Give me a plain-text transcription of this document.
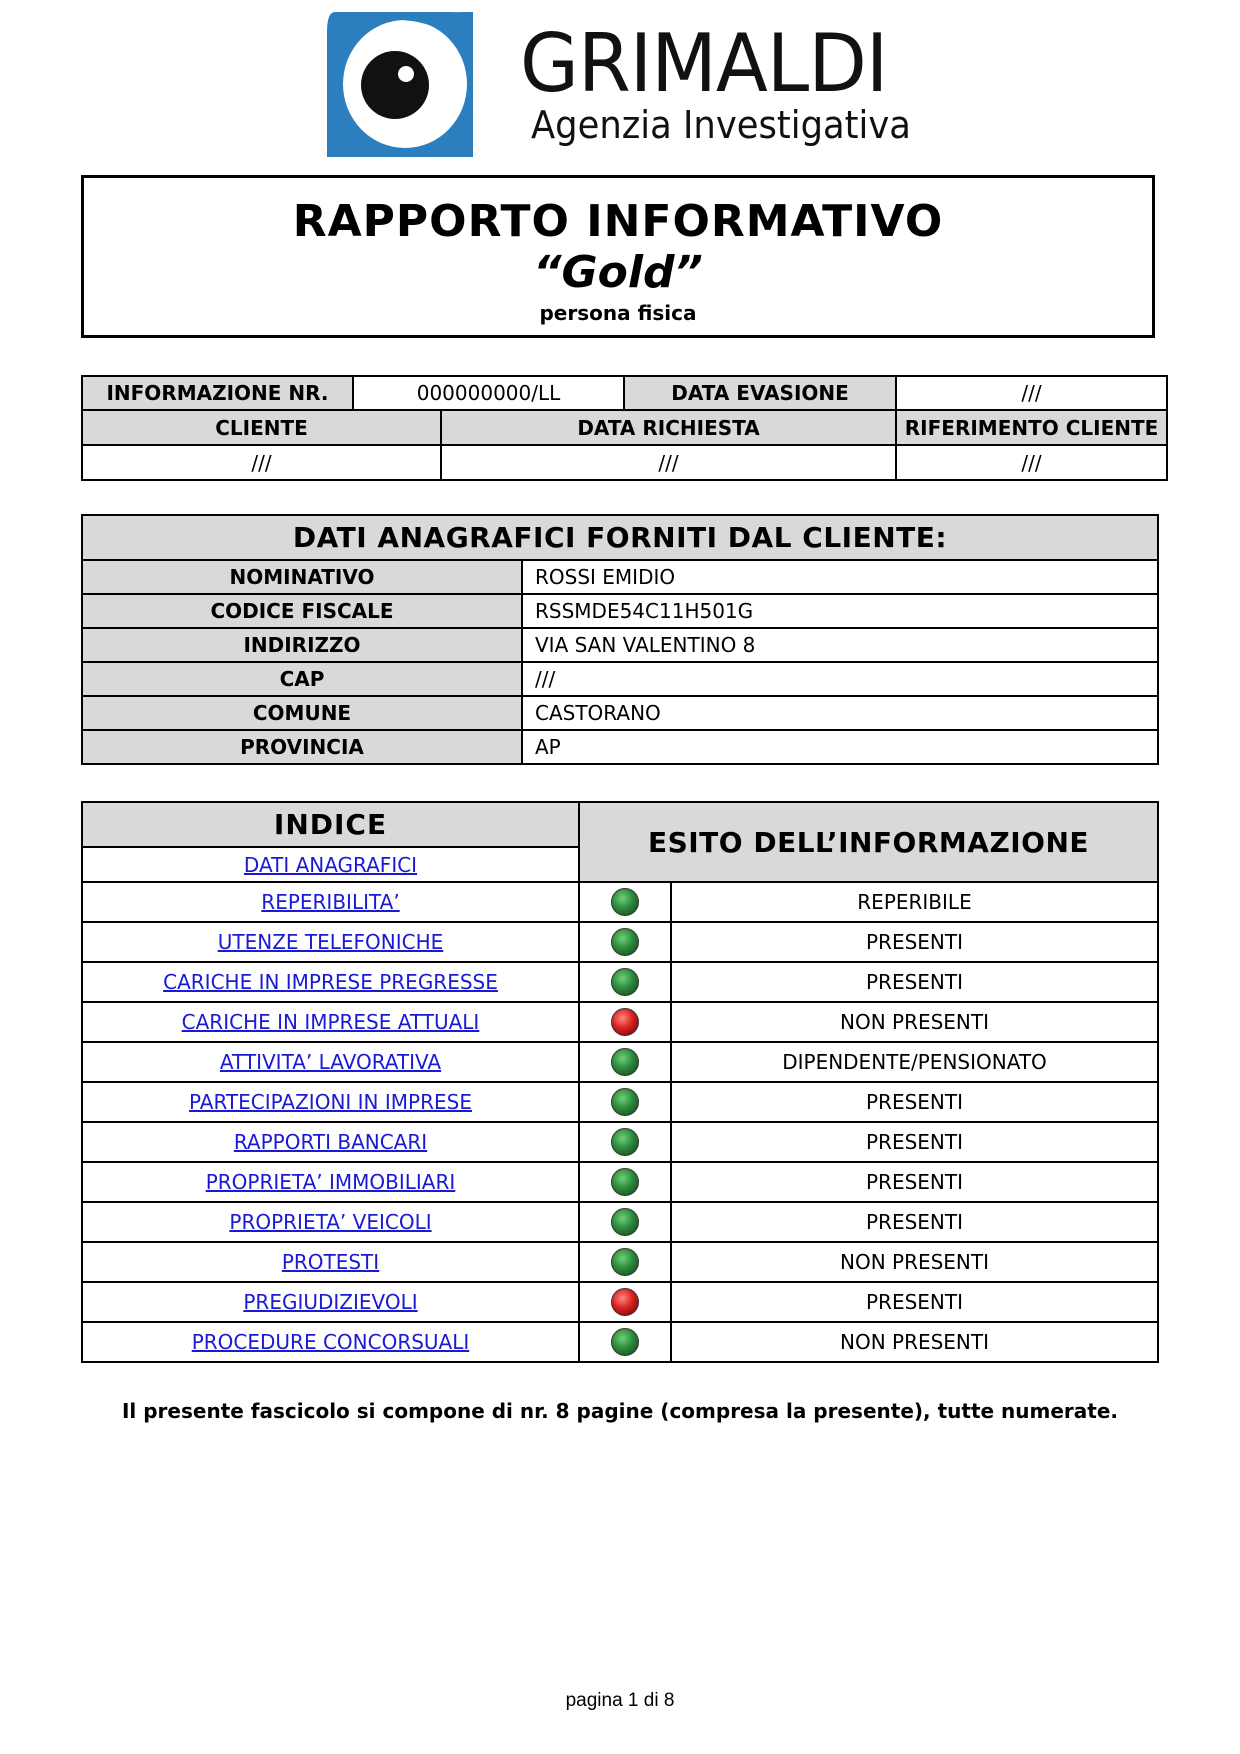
GRIMALDI
Agenzia Investigativa
RAPPORTO INFORMATIVO
“Gold”
persona fisica
INFORMAZIONE NR.	000000000/LL		DATA EVASIONE	///
CLIENTE		DATA RICHIESTA		RIFERIMENTO CLIENTE
///		///		///
DATI ANAGRAFICI FORNITI DAL CLIENTE:	
NOMINATIVO	ROSSI EMIDIO
CODICE FISCALE	RSSMDE54C11H501G
INDIRIZZO	VIA SAN VALENTINO 8
CAP	///
COMUNE	CASTORANO
PROVINCIA	AP
INDICE	ESITO DELL’INFORMAZIONE	
DATI ANAGRAFICI		
REPERIBILITA’		REPERIBILE
UTENZE TELEFONICHE		PRESENTI
CARICHE IN IMPRESE PREGRESSE		PRESENTI
CARICHE IN IMPRESE ATTUALI		NON PRESENTI
ATTIVITA’ LAVORATIVA		DIPENDENTE/PENSIONATO
PARTECIPAZIONI IN IMPRESE		PRESENTI
RAPPORTI BANCARI		PRESENTI
PROPRIETA’ IMMOBILIARI		PRESENTI
PROPRIETA’ VEICOLI		PRESENTI
PROTESTI		NON PRESENTI
PREGIUDIZIEVOLI		PRESENTI
PROCEDURE CONCORSUALI		NON PRESENTI
Il presente fascicolo si compone di nr. 8 pagine (compresa la presente), tutte numerate.
pagina 1 di 8
